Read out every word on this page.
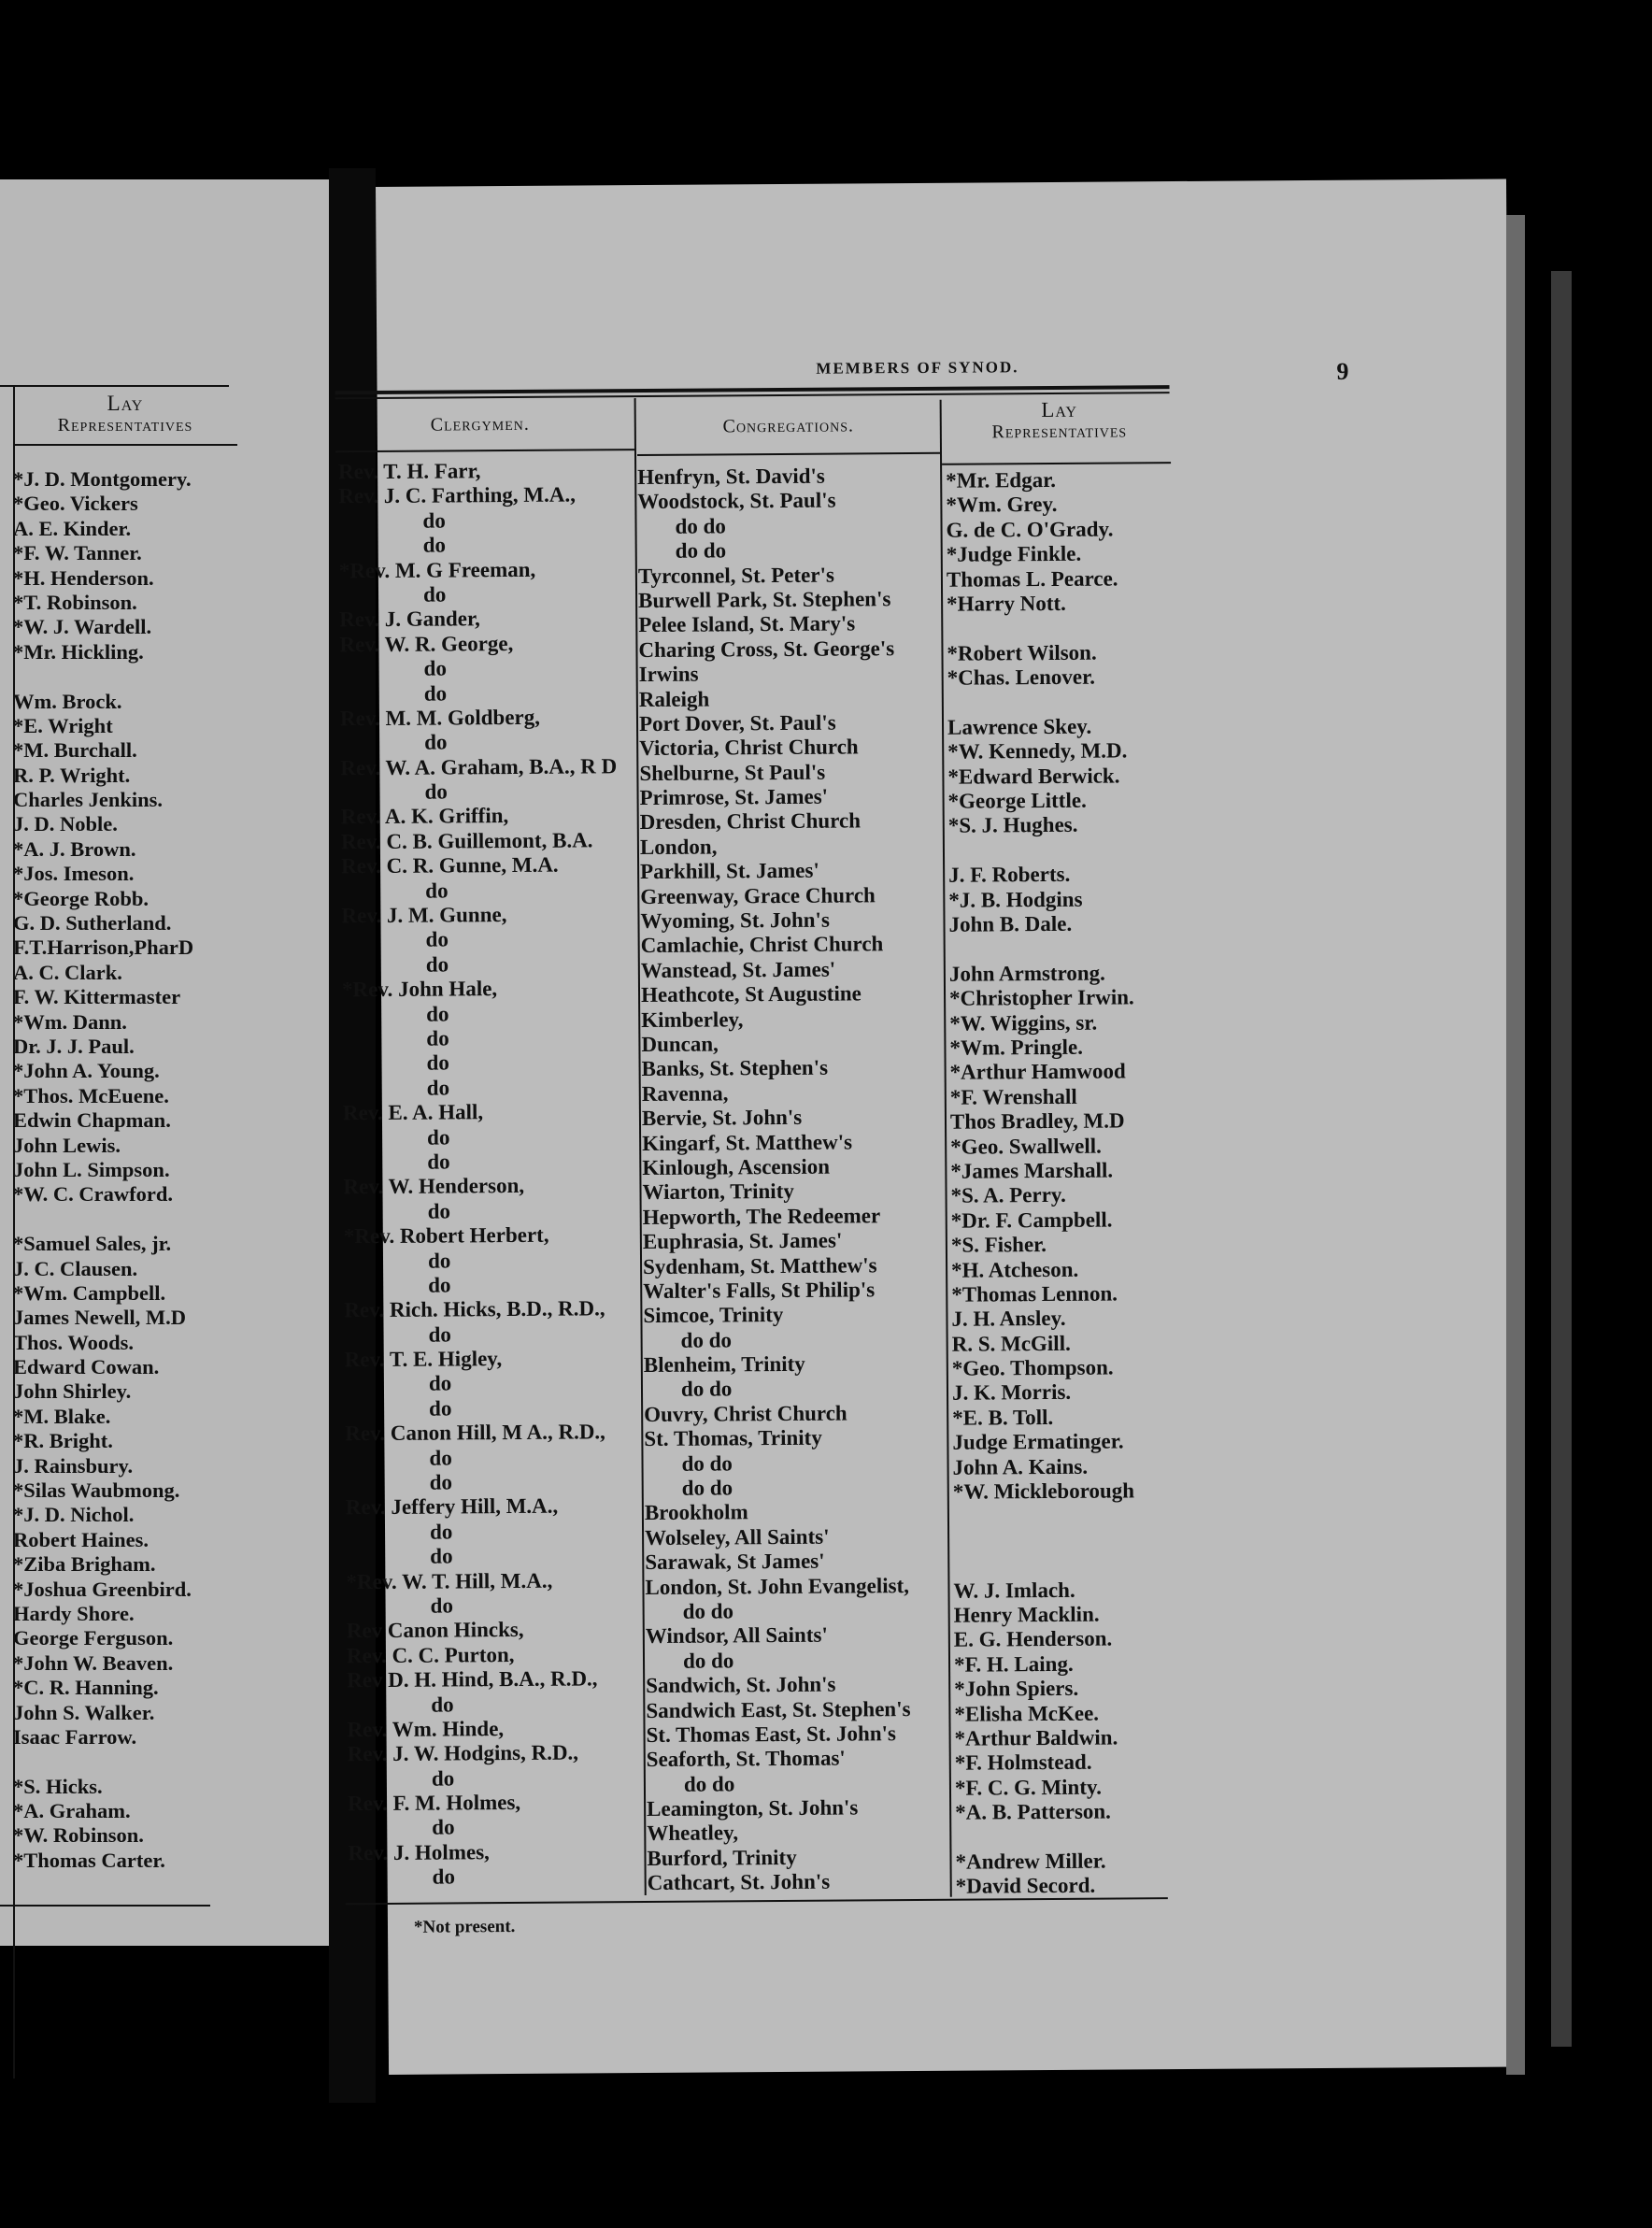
Lay
Representatives
*J. D. Montgomery.
*Geo. Vickers
A. E. Kinder.
*F. W. Tanner.
*H. Henderson.
*T. Robinson.
*W. J. Wardell.
*Mr. Hickling.
Wm. Brock.
*E. Wright
*M. Burchall.
R. P. Wright.
Charles Jenkins.
J. D. Noble.
*A. J. Brown.
*Jos. Imeson.
*George Robb.
G. D. Sutherland.
F.T.Harrison,PharD
A. C. Clark.
F. W. Kittermaster
*Wm. Dann.
Dr. J. J. Paul.
*John A. Young.
*Thos. McEuene.
Edwin Chapman.
John Lewis.
John L. Simpson.
*W. C. Crawford.
*Samuel Sales, jr.
J. C. Clausen.
*Wm. Campbell.
James Newell, M.D
Thos. Woods.
Edward Cowan.
John Shirley.
*M. Blake.
*R. Bright.
J. Rainsbury.
*Silas Waubmong.
*J. D. Nichol.
Robert Haines.
*Ziba Brigham.
*Joshua Greenbird.
Hardy Shore.
George Ferguson.
*John W. Beaven.
*C. R. Hanning.
John S. Walker.
Isaac Farrow.
*S. Hicks.
*A. Graham.
*W. Robinson.
*Thomas Carter.
MEMBERS OF SYNOD.	9
Clergymen.	Congregations.
Lay
Representatives
Rev. T. H. Farr,
Rev. J. C. Farthing, M.A.,
do
do
*Rev. M. G Freeman,
do
Rev. J. Gander,
Rev. W. R. George,
do
do
Rev. M. M. Goldberg,
do
Rev. W. A. Graham, B.A., R D
do
Rev. A. K. Griffin,
Rev. C. B. Guillemont, B.A.
Rev. C. R. Gunne, M.A.
do
Rev. J. M. Gunne,
do
do
*Rev. John Hale,
do
do
do
do
Rev. E. A. Hall,
do
do
Rev. W. Henderson,
do
*Rev. Robert Herbert,
do
do
Rev. Rich. Hicks, B.D., R.D.,
do
Rev. T. E. Higley,
do
do
Rev. Canon Hill, M A., R.D.,
do
do
Rev. Jeffery Hill, M.A.,
do
do
*Rev. W. T. Hill, M.A.,
do
Rev Canon Hincks,
Rev. C. C. Purton,
Rev D. H. Hind, B.A., R.D.,
do
Rev. Wm. Hinde,
Rev. J. W. Hodgins, R.D.,
do
Rev. F. M. Holmes,
do
Rev. J. Holmes,
do
Henfryn, St. David's
Woodstock, St. Paul's
do do
do do
Tyrconnel, St. Peter's
Burwell Park, St. Stephen's
Pelee Island, St. Mary's
Charing Cross, St. George's
Irwins
Raleigh
Port Dover, St. Paul's
Victoria, Christ Church
Shelburne, St Paul's
Primrose, St. James'
Dresden, Christ Church
London,
Parkhill, St. James'
Greenway, Grace Church
Wyoming, St. John's
Camlachie, Christ Church
Wanstead, St. James'
Heathcote, St Augustine
Kimberley,
Duncan,
Banks, St. Stephen's
Ravenna,
Bervie, St. John's
Kingarf, St. Matthew's
Kinlough, Ascension
Wiarton, Trinity
Hepworth, The Redeemer
Euphrasia, St. James'
Sydenham, St. Matthew's
Walter's Falls, St Philip's
Simcoe, Trinity
do do
Blenheim, Trinity
do do
Ouvry, Christ Church
St. Thomas, Trinity
do do
do do
Brookholm
Wolseley, All Saints'
Sarawak, St James'
London, St. John Evangelist,
do do
Windsor, All Saints'
do do
Sandwich, St. John's
Sandwich East, St. Stephen's
St. Thomas East, St. John's
Seaforth, St. Thomas'
do do
Leamington, St. John's
Wheatley,
Burford, Trinity
Cathcart, St. John's
*Mr. Edgar.
*Wm. Grey.
G. de C. O'Grady.
*Judge Finkle.
Thomas L. Pearce.
*Harry Nott.
*Robert Wilson.
*Chas. Lenover.
Lawrence Skey.
*W. Kennedy, M.D.
*Edward Berwick.
*George Little.
*S. J. Hughes.
J. F. Roberts.
*J. B. Hodgins
John B. Dale.
John Armstrong.
*Christopher Irwin.
*W. Wiggins, sr.
*Wm. Pringle.
*Arthur Hamwood
*F. Wrenshall
Thos Bradley, M.D
*Geo. Swallwell.
*James Marshall.
*S. A. Perry.
*Dr. F. Campbell.
*S. Fisher.
*H. Atcheson.
*Thomas Lennon.
J. H. Ansley.
R. S. McGill.
*Geo. Thompson.
J. K. Morris.
*E. B. Toll.
Judge Ermatinger.
John A. Kains.
*W. Mickleborough
W. J. Imlach.
Henry Macklin.
E. G. Henderson.
*F. H. Laing.
*John Spiers.
*Elisha McKee.
*Arthur Baldwin.
*F. Holmstead.
*F. C. G. Minty.
*A. B. Patterson.
*Andrew Miller.
*David Secord.
*Not present.
